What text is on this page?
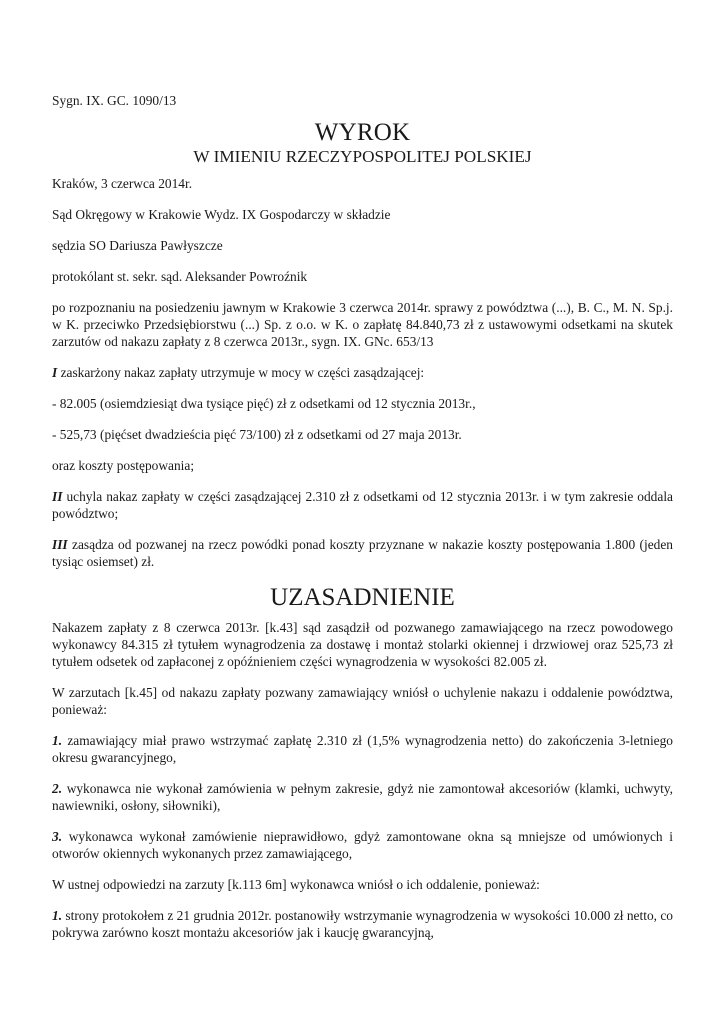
Sygn. IX. GC. 1090/13

WYROK
W IMIENIU RZECZYPOSPOLITEJ POLSKIEJ

Kraków, 3 czerwca 2014r.

Sąd Okręgowy w Krakowie Wydz. IX Gospodarczy w składzie

sędzia SO Dariusza Pawłyszcze

protokólant st. sekr. sąd. Aleksander Powroźnik

po rozpoznaniu na posiedzeniu jawnym w Krakowie 3 czerwca 2014r. sprawy z powództwa (...), B. C., M. N. Sp.j. w K. przeciwko Przedsiębiorstwu (...) Sp. z o.o. w K. o zapłatę 84.840,73 zł z ustawowymi odsetkami na skutek zarzutów od nakazu zapłaty z 8 czerwca 2013r., sygn. IX. GNc. 653/13

I zaskarżony nakaz zapłaty utrzymuje w mocy w części zasądzającej:

- 82.005 (osiemdziesiąt dwa tysiące pięć) zł z odsetkami od 12 stycznia 2013r.,

- 525,73 (pięćset dwadzieścia pięć 73/100) zł z odsetkami od 27 maja 2013r.

oraz koszty postępowania;

II uchyla nakaz zapłaty w części zasądzającej 2.310 zł z odsetkami od 12 stycznia 2013r. i w tym zakresie oddala powództwo;

III zasądza od pozwanej na rzecz powódki ponad koszty przyznane w nakazie koszty postępowania 1.800 (jeden tysiąc osiemset) zł.

UZASADNIENIE

Nakazem zapłaty z 8 czerwca 2013r. [k.43] sąd zasądził od pozwanego zamawiającego na rzecz powodowego wykonawcy 84.315 zł tytułem wynagrodzenia za dostawę i montaż stolarki okiennej i drzwiowej oraz 525,73 zł tytułem odsetek od zapłaconej z opóźnieniem części wynagrodzenia w wysokości 82.005 zł.

W zarzutach [k.45] od nakazu zapłaty pozwany zamawiający wniósł o uchylenie nakazu i oddalenie powództwa, ponieważ:

1. zamawiający miał prawo wstrzymać zapłatę 2.310 zł (1,5% wynagrodzenia netto) do zakończenia 3-letniego okresu gwarancyjnego,

2. wykonawca nie wykonał zamówienia w pełnym zakresie, gdyż nie zamontował akcesoriów (klamki, uchwyty, nawiewniki, osłony, siłowniki),

3. wykonawca wykonał zamówienie nieprawidłowo, gdyż zamontowane okna są mniejsze od umówionych i otworów okiennych wykonanych przez zamawiającego,

W ustnej odpowiedzi na zarzuty [k.113 6m] wykonawca wniósł o ich oddalenie, ponieważ:

1. strony protokołem z 21 grudnia 2012r. postanowiły wstrzymanie wynagrodzenia w wysokości 10.000 zł netto, co pokrywa zarówno koszt montażu akcesoriów jak i kaucję gwarancyjną,
